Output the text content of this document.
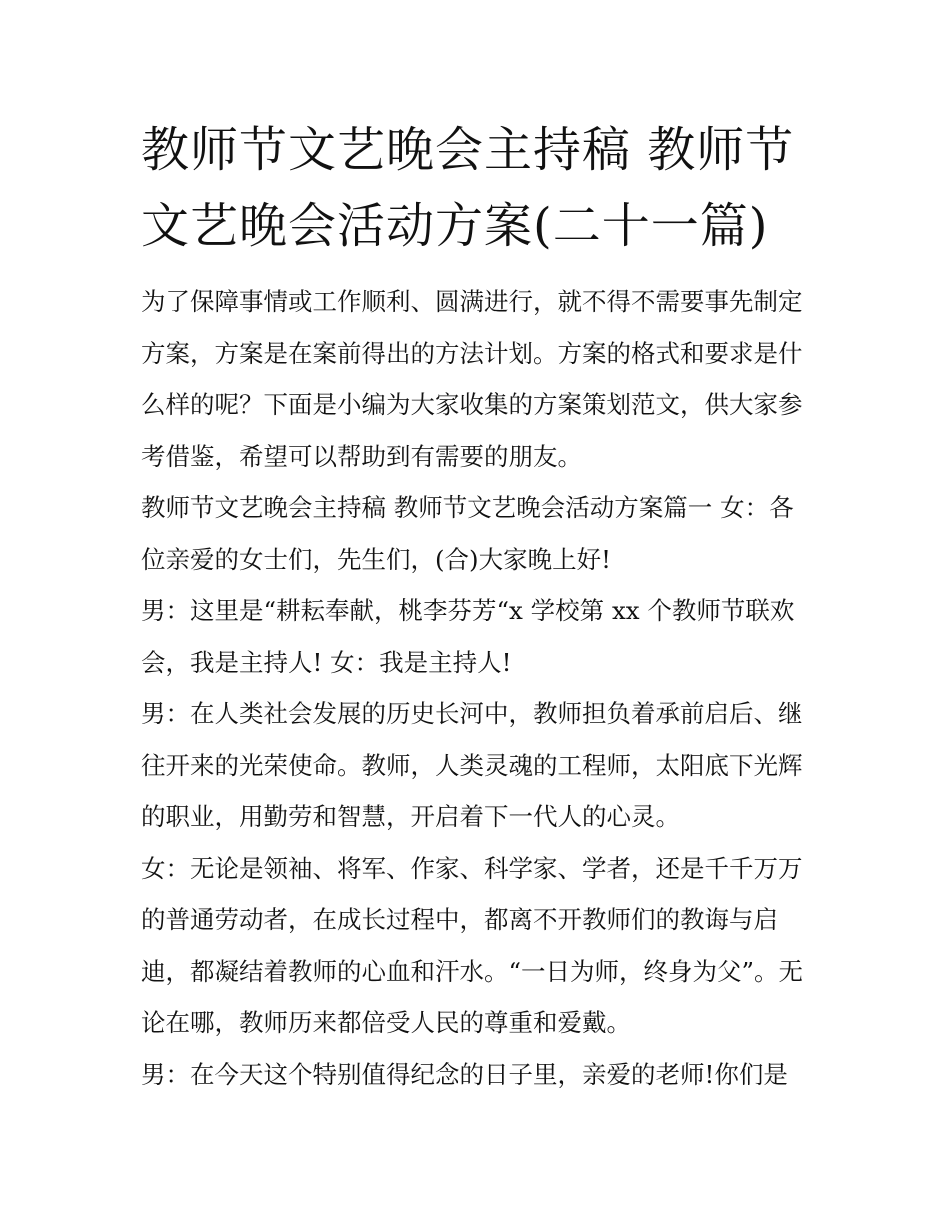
教师节文艺晚会主持稿 教师节
文艺晚会活动方案(二十一篇)

为了保障事情或工作顺利、圆满进行，就不得不需要事先制定
方案，方案是在案前得出的方法计划。方案的格式和要求是什
么样的呢？下面是小编为大家收集的方案策划范文，供大家参
考借鉴，希望可以帮助到有需要的朋友。

教师节文艺晚会主持稿 教师节文艺晚会活动方案篇一 女：各
位亲爱的女士们，先生们，(合)大家晚上好!

男：这里是“耕耘奉献，桃李芬芳“x 学校第 xx 个教师节联欢
会，我是主持人! 女：我是主持人!

男：在人类社会发展的历史长河中，教师担负着承前启后、继
往开来的光荣使命。教师，人类灵魂的工程师，太阳底下光辉
的职业，用勤劳和智慧，开启着下一代人的心灵。

女：无论是领袖、将军、作家、科学家、学者，还是千千万万
的普通劳动者，在成长过程中，都离不开教师们的教诲与启
迪，都凝结着教师的心血和汗水。“一日为师，终身为父”。无
论在哪，教师历来都倍受人民的尊重和爱戴。

男：在今天这个特别值得纪念的日子里，亲爱的老师!你们是
